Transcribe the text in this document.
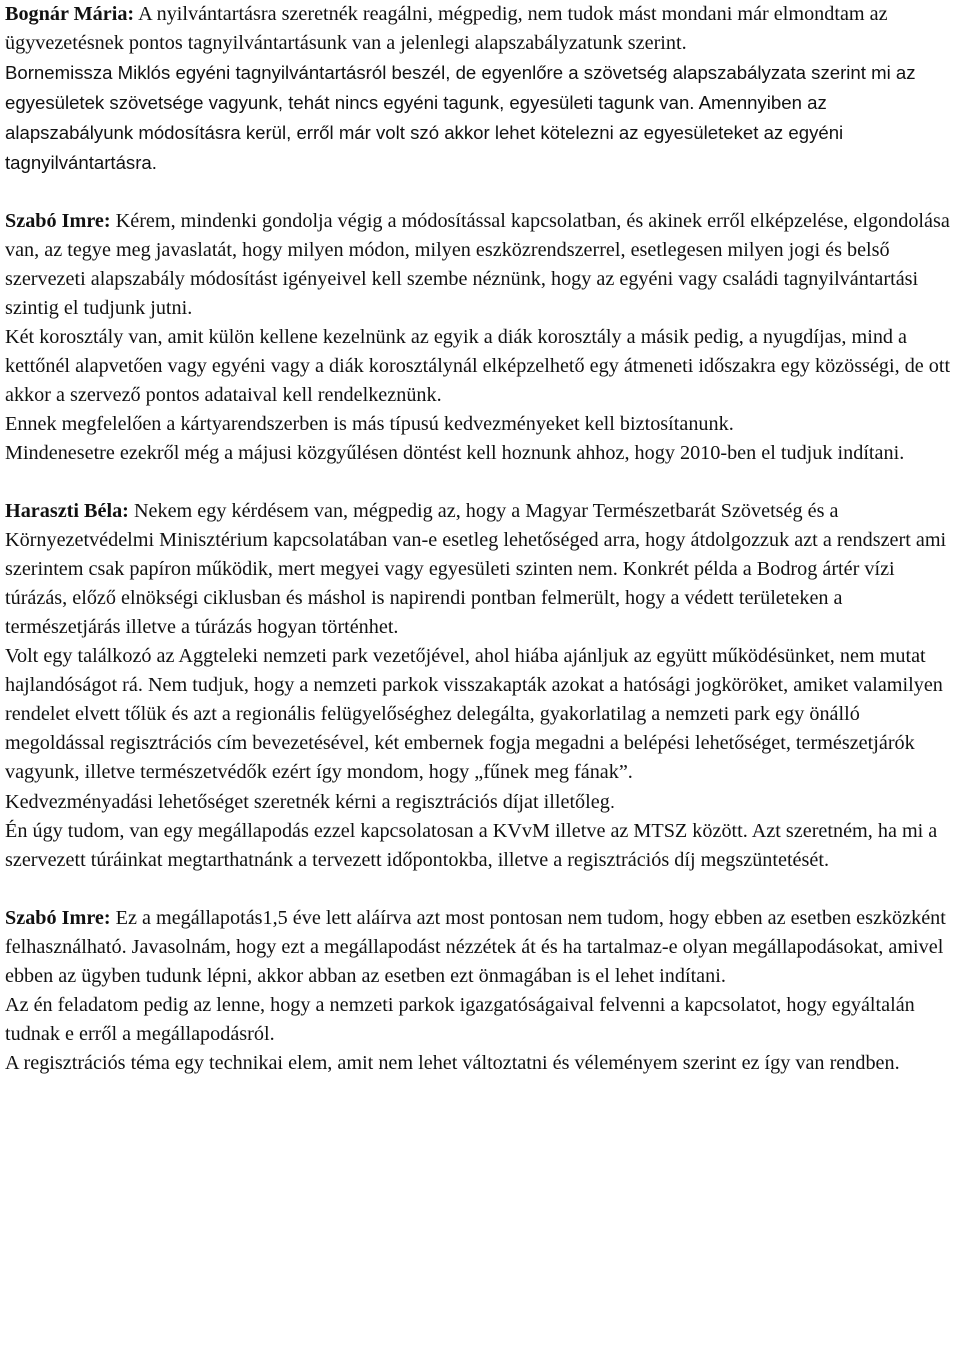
Bognár Mária: A nyilvántartásra szeretnék reagálni, mégpedig, nem tudok mást mondani már elmondtam az ügyvezetésnek pontos tagnyilvántartásunk van a jelenlegi alapszabályzatunk szerint.

Bornemissza Miklós egyéni tagnyilvántartásról beszél, de egyenlőre a szövetség alapszabályzata szerint mi az egyesületek szövetsége vagyunk, tehát nincs egyéni tagunk, egyesületi tagunk van. Amennyiben az alapszabályunk módosításra kerül, erről már volt szó akkor lehet kötelezni az egyesületeket az egyéni tagnyilvántartásra.

Szabó Imre: Kérem, mindenki gondolja végig a módosítással kapcsolatban, és akinek erről elképzelése, elgondolása van, az tegye meg javaslatát, hogy milyen módon, milyen eszközrendszerrel, esetlegesen milyen jogi és belső szervezeti alapszabály módosítást igényeivel kell szembe néznünk, hogy az egyéni vagy családi tagnyilvántartási szintig el tudjunk jutni.

Két korosztály van, amit külön kellene kezelnünk az egyik a diák korosztály a másik pedig, a nyugdíjas, mind a kettőnél alapvetően vagy egyéni vagy a diák korosztálynál elképzelhető egy átmeneti időszakra egy közösségi, de ott akkor a szervező pontos adataival kell rendelkeznünk.

Ennek megfelelően a kártyarendszerben is más típusú kedvezményeket kell biztosítanunk.

Mindenesetre ezekről még a májusi közgyűlésen döntést kell hoznunk ahhoz, hogy 2010-ben el tudjuk indítani.

Haraszti Béla: Nekem egy kérdésem van, mégpedig az, hogy a Magyar Természetbarát Szövetség és a Környezetvédelmi Minisztérium kapcsolatában van-e esetleg lehetőséged arra, hogy átdolgozzuk azt a rendszert ami szerintem csak papíron működik, mert megyei vagy egyesületi szinten nem. Konkrét példa a Bodrog ártér vízi túrázás, előző elnökségi ciklusban és máshol is napirendi pontban felmerült, hogy a védett területeken a természetjárás illetve a túrázás hogyan történhet.

Volt egy találkozó az Aggteleki nemzeti park vezetőjével, ahol hiába ajánljuk az együtt működésünket, nem mutat hajlandóságot rá. Nem tudjuk, hogy a nemzeti parkok visszakapták azokat a hatósági jogköröket, amiket valamilyen rendelet elvett tőlük és azt a regionális felügyelőséghez delegálta, gyakorlatilag a nemzeti park egy önálló megoldással regisztrációs cím bevezetésével, két embernek fogja megadni a belépési lehetőséget, természetjárók vagyunk, illetve természetvédők ezért így mondom, hogy „fűnek meg fának”.

Kedvezményadási lehetőséget szeretnék kérni a regisztrációs díjat illetőleg.

Én úgy tudom, van egy megállapodás ezzel kapcsolatosan a KVvM illetve az MTSZ között. Azt szeretném, ha mi a szervezett túráinkat megtarthatnánk a tervezett időpontokba, illetve a regisztrációs díj megszüntetését.

Szabó Imre: Ez a megállapotás1,5 éve lett aláírva azt most pontosan nem tudom, hogy ebben az esetben eszközként felhasználható. Javasolnám, hogy ezt a megállapodást nézzétek át és ha tartalmaz-e olyan megállapodásokat, amivel ebben az ügyben tudunk lépni, akkor abban az esetben ezt önmagában is el lehet indítani.

Az én feladatom pedig az lenne, hogy a nemzeti parkok igazgatóságaival felvenni a kapcsolatot, hogy egyáltalán tudnak e erről a megállapodásról.

A regisztrációs téma egy technikai elem, amit nem lehet változtatni és véleményem szerint ez így van rendben.
